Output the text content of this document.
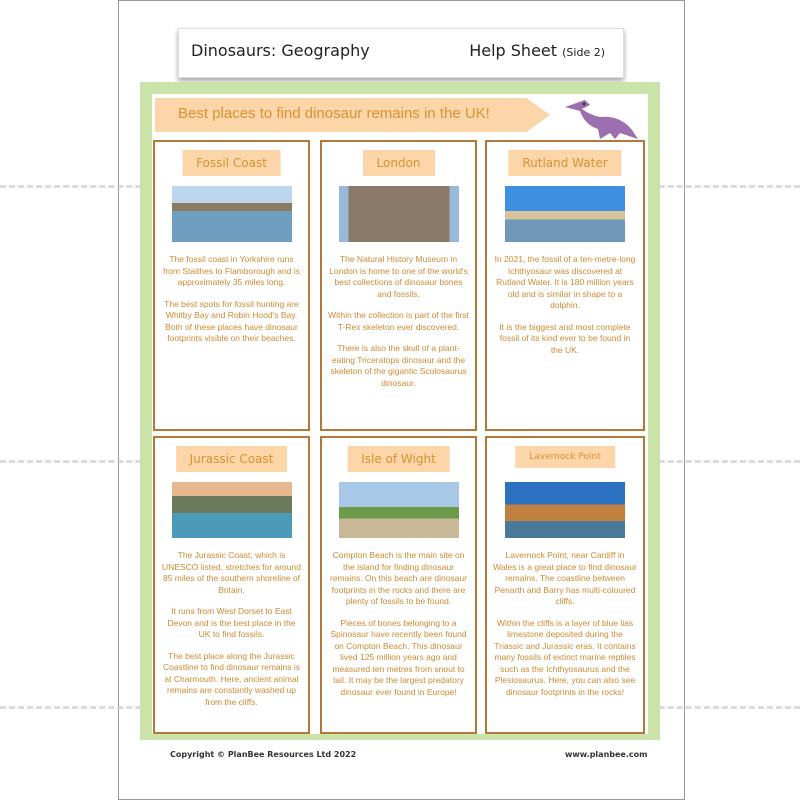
Dinosaurs: Geography	Help Sheet (Side 2)
Best places to find dinosaur remains in the UK!
Fossil Coast

The fossil coast in Yorkshire runs from Staithes to Flamborough and is approximately 35 miles long.

The best spots for fossil hunting are Whitby Bay and Robin Hood's Bay. Both of these places have dinosaur footprints visible on their beaches.

London

The Natural History Museum in London is home to one of the world's best collections of dinosaur bones and fossils.

Within the collection is part of the first T-Rex skeleton ever discovered.

There is also the skull of a plant-eating Triceratops dinosaur and the skeleton of the gigantic Scolosaurus dinosaur.

Rutland Water

In 2021, the fossil of a ten-metre-long Ichthyosaur was discovered at Rutland Water. It is 180 million years old and is similar in shape to a dolphin.

It is the biggest and most complete fossil of its kind ever to be found in the UK.

Jurassic Coast

The Jurassic Coast, which is UNESCO listed, stretches for around 85 miles of the southern shoreline of Britain.

It runs from West Dorset to East Devon and is the best place in the UK to find fossils.

The best place along the Jurassic Coastline to find dinosaur remains is at Charmouth. Here, ancient animal remains are constantly washed up from the cliffs.

Isle of Wight

Compton Beach is the main site on the island for finding dinosaur remains. On this beach are dinosaur footprints in the rocks and there are plenty of fossils to be found.

Pieces of bones belonging to a Spinosaur have recently been found on Compton Beach. This dinosaur lived 125 million years ago and measured ten metres from snout to tail. It may be the largest predatory dinosaur ever found in Europe!

Lavernock Point

Lavernock Point, near Cardiff in Wales is a great place to find dinosaur remains. The coastline between Penarth and Barry has multi-coloured cliffs.

Within the cliffs is a layer of blue lias limestone deposited during the Triassic and Jurassic eras. It contains many fossils of extinct marine reptiles such as the Ichthyosaurus and the Plesiosaurus. Here, you can also see dinosaur footprints in the rocks!

Copyright © PlanBee Resources Ltd 2022	www.planbee.com
